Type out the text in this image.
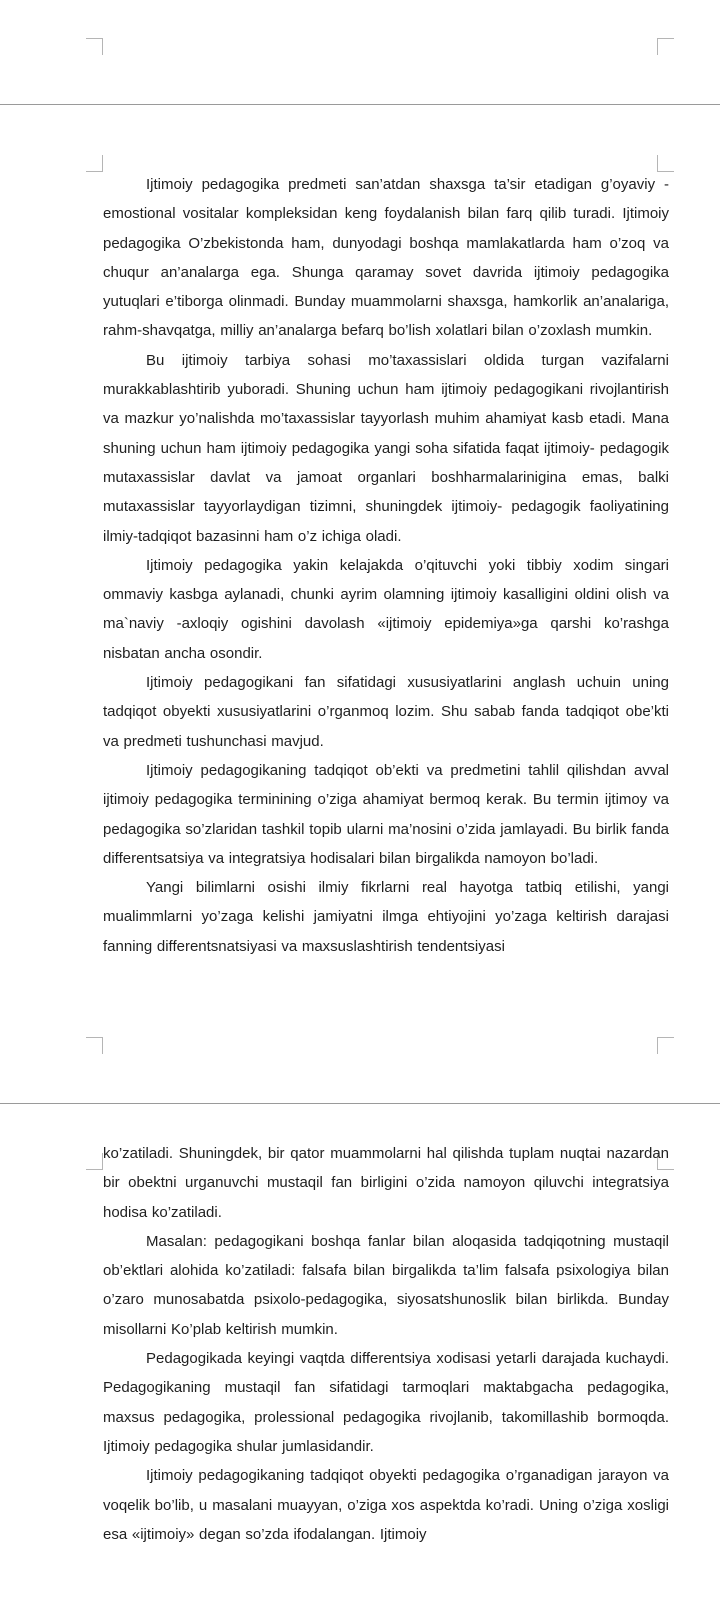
Ijtimoiy pedagogika predmeti san’atdan shaxsga ta’sir etadigan g’oyaviy - emostional vositalar kompleksidan keng foydalanish bilan farq qilib turadi. Ijtimoiy pedagogika O’zbekistonda ham, dunyodagi boshqa mamlakatlarda ham o’zoq va chuqur an’analarga ega. Shunga qaramay sovet davrida ijtimoiy pedagogika yutuqlari e’tiborga olinmadi. Bunday muammolarni shaxsga, hamkorlik an’analariga, rahm-shavqatga, milliy an’analarga befarq bo’lish xolatlari bilan o’zoxlash mumkin.

Bu ijtimoiy tarbiya sohasi mo’taxassislari oldida turgan vazifalarni murakkablashtirib yuboradi. Shuning uchun ham ijtimoiy pedagogikani rivojlantirish va mazkur yo’nalishda mo’taxassislar tayyorlash muhim ahamiyat kasb etadi. Mana shuning uchun ham ijtimoiy pedagogika yangi soha sifatida faqat ijtimoiy- pedagogik mutaxassislar davlat va jamoat organlari boshharmalarinigina emas, balki mutaxassislar tayyorlaydigan tizimni, shuningdek ijtimoiy- pedagogik faoliyatining ilmiy-tadqiqot bazasinni ham o’z ichiga oladi.

Ijtimoiy pedagogika yakin kelajakda o’qituvchi yoki tibbiy xodim singari ommaviy kasbga aylanadi, chunki ayrim olamning ijtimoiy kasalligini oldini olish va ma`naviy -axloqiy ogishini davolash «ijtimoiy epidemiya»ga qarshi ko’rashga nisbatan ancha osondir.

Ijtimoiy pedagogikani fan sifatidagi xususiyatlarini anglash uchuin uning tadqiqot obyekti xususiyatlarini o’rganmoq lozim. Shu sabab fanda tadqiqot obe’kti va predmeti tushunchasi mavjud.

Ijtimoiy pedagogikaning tadqiqot ob’ekti va predmetini tahlil qilishdan avval ijtimoiy pedagogika terminining o’ziga ahamiyat bermoq kerak. Bu termin ijtimoy va pedagogika so’zlaridan tashkil topib ularni ma’nosini o’zida jamlayadi. Bu birlik fanda differentsatsiya va integratsiya hodisalari bilan birgalikda namoyon bo’ladi.

Yangi bilimlarni osishi ilmiy fikrlarni real hayotga tatbiq etilishi, yangi mualimmlarni yo’zaga kelishi jamiyatni ilmga ehtiyojini yo’zaga keltirish darajasi fanning differentsnatsiyasi va maxsuslashtirish tendentsiyasi

ko’zatiladi. Shuningdek, bir qator muammolarni hal qilishda tuplam nuqtai nazardan bir obektni urganuvchi mustaqil fan birligini o’zida namoyon qiluvchi integratsiya hodisa ko’zatiladi.

Masalan: pedagogikani boshqa fanlar bilan aloqasida tadqiqotning mustaqil ob’ektlari alohida ko’zatiladi: falsafa bilan birgalikda ta’lim falsafa psixologiya bilan o’zaro munosabatda psixolo-pedagogika, siyosatshunoslik bilan birlikda. Bunday misollarni Ko’plab keltirish mumkin.

Pedagogikada keyingi vaqtda differentsiya xodisasi yetarli darajada kuchaydi. Pedagogikaning mustaqil fan sifatidagi tarmoqlari maktabgacha pedagogika, maxsus pedagogika, prolessional pedagogika rivojlanib, takomillashib bormoqda. Ijtimoiy pedagogika shular jumlasidandir.

Ijtimoiy pedagogikaning tadqiqot obyekti pedagogika o’rganadigan jarayon va voqelik bo’lib, u masalani muayyan, o’ziga xos aspektda ko’radi. Uning o’ziga xosligi esa «ijtimoiy» degan so’zda ifodalangan. Ijtimoiy
